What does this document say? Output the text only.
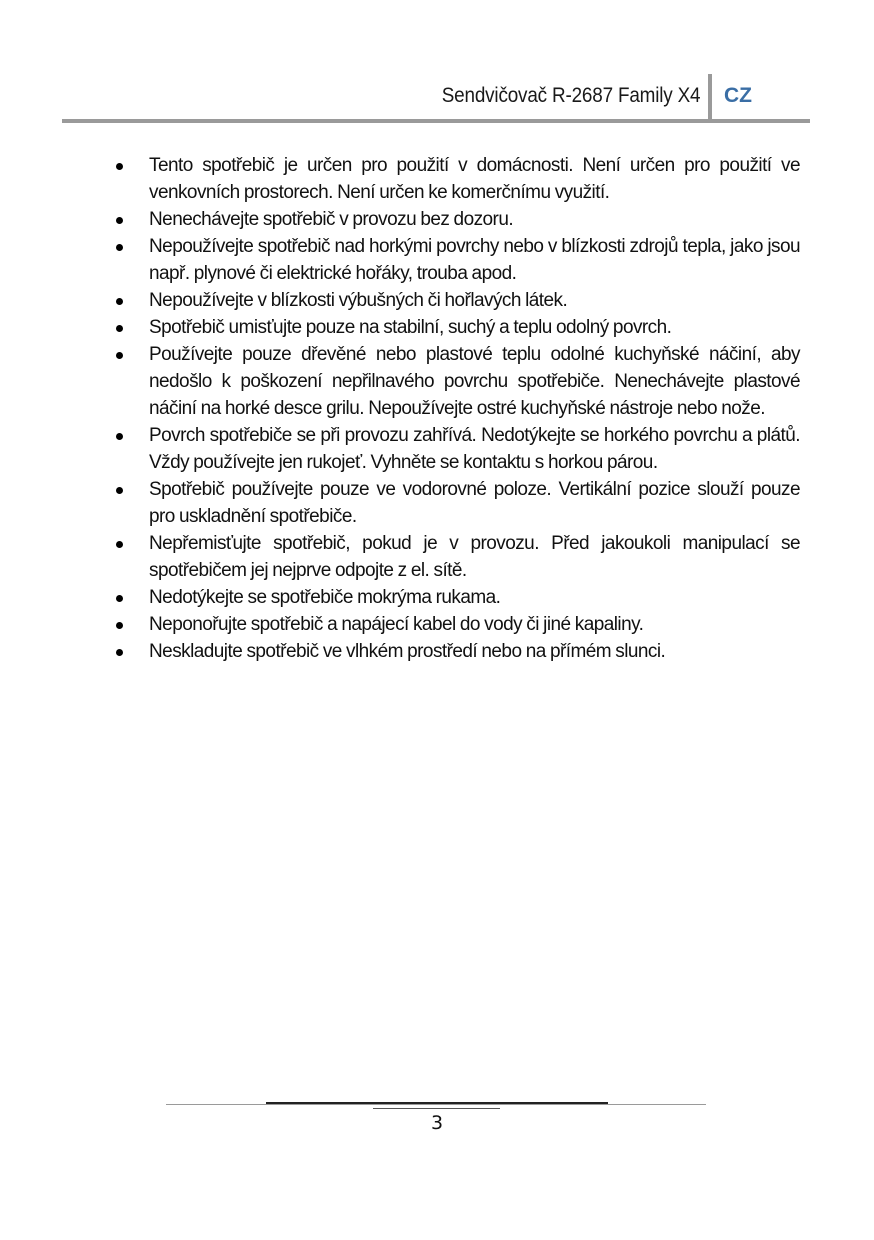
Sendvičovač R-2687 Family X4 CZ
Tento spotřebič je určen pro použití v domácnosti. Není určen pro použití ve venkovních prostorech. Není určen ke komerčnímu využití.
Nenechávejte spotřebič v provozu bez dozoru.
Nepoužívejte spotřebič nad horkými povrchy nebo v blízkosti zdrojů tepla, jako jsou např. plynové či elektrické hořáky, trouba apod.
Nepoužívejte v blízkosti výbušných či hořlavých látek.
Spotřebič umisťujte pouze na stabilní, suchý a teplu odolný povrch.
Používejte pouze dřevěné nebo plastové teplu odolné kuchyňské náčiní, aby nedošlo k poškození nepřilnavého povrchu spotřebiče. Nenechávejte plastové náčiní na horké desce grilu. Nepoužívejte ostré kuchyňské nástroje nebo nože.
Povrch spotřebiče se při provozu zahřívá. Nedotýkejte se horkého povrchu a plátů. Vždy používejte jen rukojeť. Vyhněte se kontaktu s horkou párou.
Spotřebič používejte pouze ve vodorovné poloze. Vertikální pozice slouží pouze pro uskladnění spotřebiče.
Nepřemisťujte spotřebič, pokud je v provozu. Před jakoukoli manipulací se spotřebičem jej nejprve odpojte z el. sítě.
Nedotýkejte se spotřebiče mokrýma rukama.
Neponořujte spotřebič a napájecí kabel do vody či jiné kapaliny.
Neskladujte spotřebič ve vlhkém prostředí nebo na přímém slunci.
3
